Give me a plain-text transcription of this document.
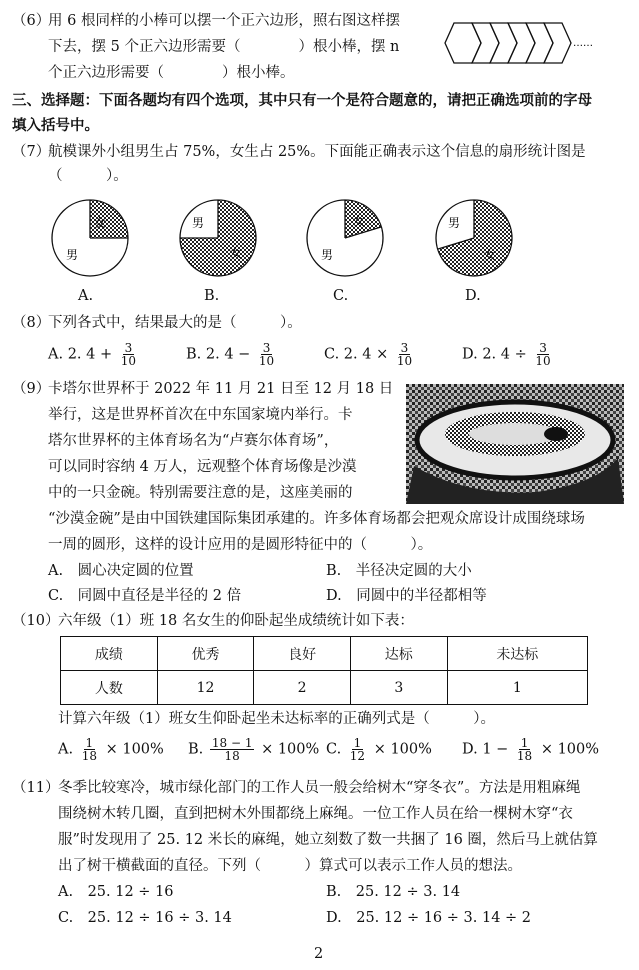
（6）
用 6 根同样的小棒可以摆一个正六边形，照右图这样摆
下去，摆 5 个正六边形需要（　　　　）根小棒，摆 n
个正六边形需要（　　　　）根小棒。
……
三、选择题：下面各题均有四个选项，其中只有一个是符合题意的，请把正确选项前的字母
填入括号中。
（7）
航模课外小组男生占 75%，女生占 25%。下面能正确表示这个信息的扇形统计图是
（　　　）。
女
男
A.
男
女
B.
女
男
C.
男
女
D.
（8）
下列各式中，结果最大的是（　　　）。
A. 2. $4 + \frac{3}{10}$	B. 2. $4 - \frac{3}{10}$	C. 2. $4 \times \frac{3}{10}$	D. 2. $4 \div \frac{3}{10}$
（9）
卡塔尔世界杯于 2022 年 11 月 21 日至 12 月 18 日
举行，这是世界杯首次在中东国家境内举行。卡
塔尔世界杯的主体育场名为“卢赛尔体育场”，
可以同时容纳 4 万人，远观整个体育场像是沙漠
中的一只金碗。特别需要注意的是，这座美丽的
“沙漠金碗”是由中国铁建国际集团承建的。许多体育场都会把观众席设计成围绕球场
一周的圆形，这样的设计应用的是圆形特征中的（　　　）。
A.　圆心决定圆的位置	B.　半径决定圆的大小
C.　同圆中直径是半径的 2 倍	D.　同圆中的半径都相等
（10）
六年级（1）班 18 名女生的仰卧起坐成绩统计如下表：
成绩	优秀	良好	达标	未达标
人数	12	2	3	1
计算六年级（1）班女生仰卧起坐未达标率的正确列式是（　　　）。
A. $\frac{1}{18} \times 100\%$ B. $\frac{18 - 1}{18} \times 100\%$ C. $\frac{1}{12} \times 100\%$ D. $1 - \frac{1}{18} \times 100\%$
（11）
冬季比较寒冷，城市绿化部门的工作人员一般会给树木“穿冬衣”。方法是用粗麻绳
围绕树木转几圈，直到把树木外围都绕上麻绳。一位工作人员在给一棵树木穿“衣
服”时发现用了 25. 12 米长的麻绳，她立刻数了数一共捆了 16 圈，然后马上就估算
出了树干横截面的直径。下列（　　　）算式可以表示工作人员的想法。
A.　25. 12 ÷ 16	B.　25. 12 ÷ 3. 14
C.　25. 12 ÷ 16 ÷ 3. 14	D.　25. 12 ÷ 16 ÷ 3. 14 ÷ 2
2
